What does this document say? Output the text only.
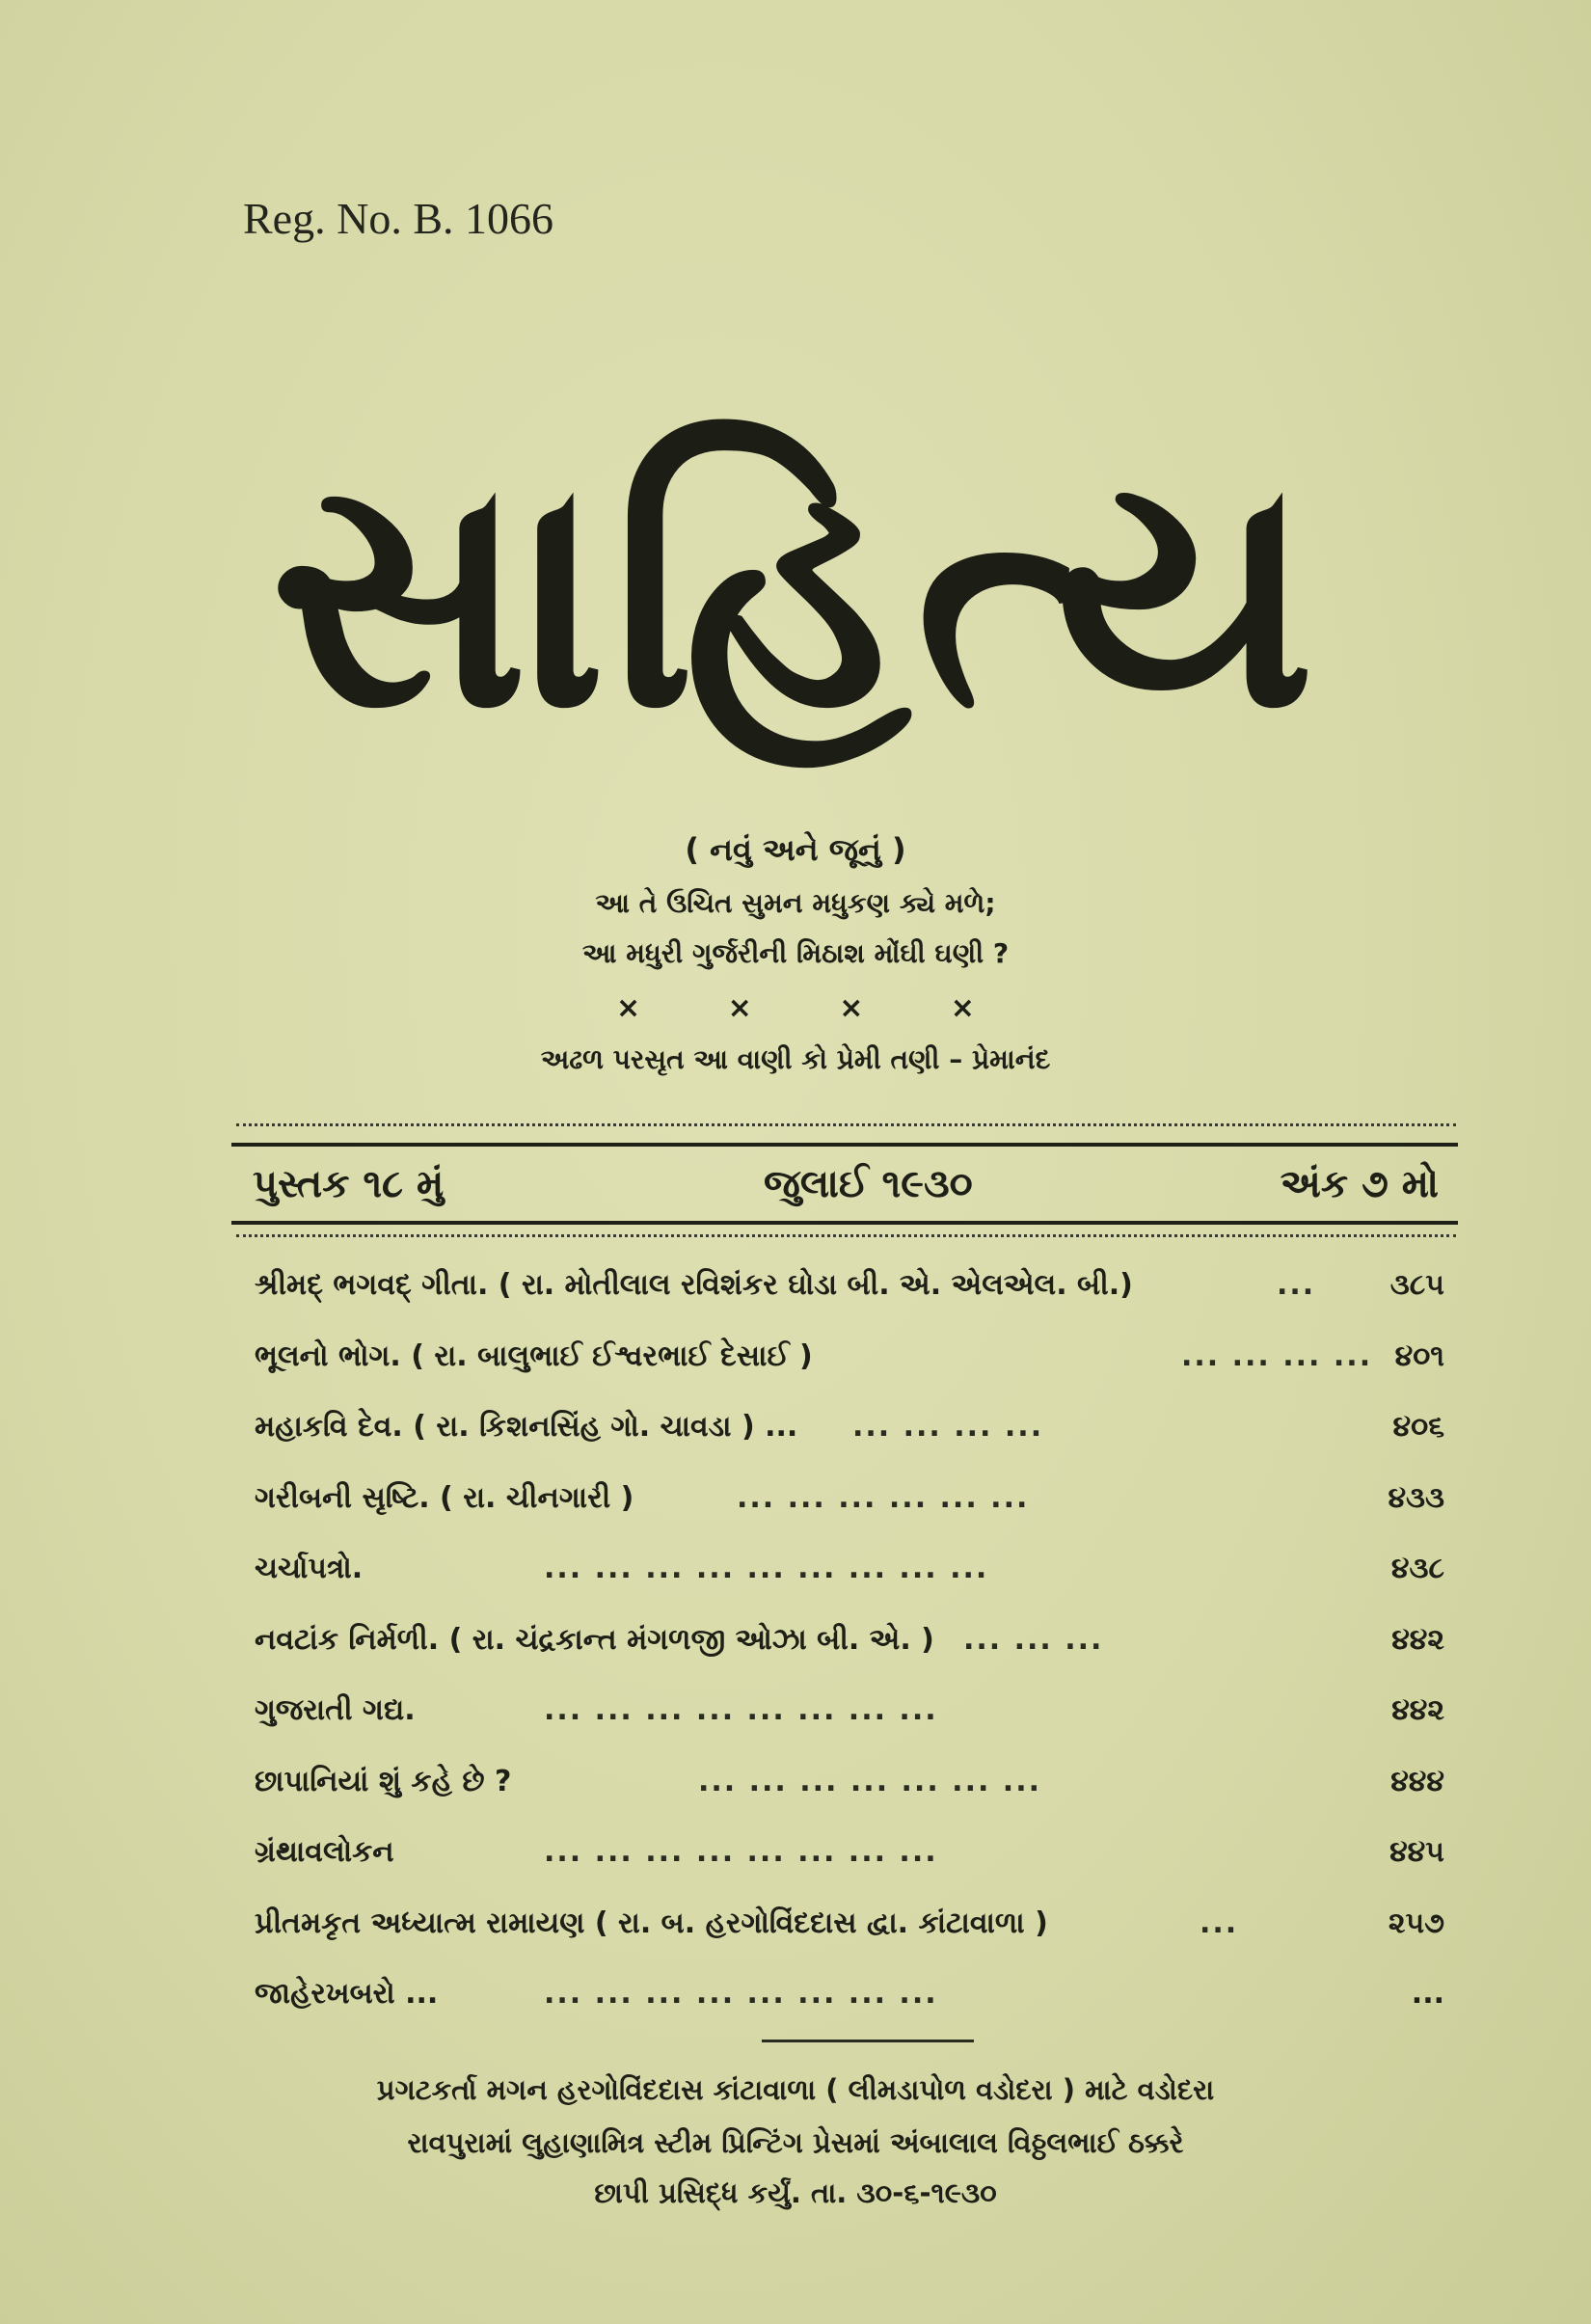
Reg. No. B. 1066
સાહિત્ય
( નવું અને જૂનું )
આ તે ઉચિત સુમન મધુકણ ક્યે મળે;
આ મધુરી ગુર્જરીની મિઠાશ મોંઘી ઘણી ?
× × × ×
અઢળ પરસૃત આ વાણી કો પ્રેમી તણી – પ્રેમાનંદ
પુસ્તક ૧૮ મું	જુલાઈ ૧૯૩૦	અંક ૭ મો
શ્રીમદ્ ભગવદ્ ગીતા. ( રા. મોતીલાલ રવિશંકર ઘોડા બી. એ. એલએલ. બી.)	...	૩૮૫
ભૂલનો ભોગ. ( રા. બાલુભાઈ ઈશ્વરભાઈ દેસાઈ )	... ... ... ... ૪૦૧
મહાકવિ દેવ. ( રા. કિશનસિંહ ગો. ચાવડા ) ... ... ... ... ...	૪૦૬
ગરીબની સૃષ્ટિ. ( રા. ચીનગારી )	... ... ... ... ... ...	૪૩૩
ચર્ચાપત્રો.	... ... ... ... ... ... ... ... ...	૪૩૮
નવટાંક નિર્મળી. ( રા. ચંદ્રકાન્ત મંગળજી ઓઝા બી. એ. ) ... ... ...	૪૪૨
ગુજરાતી ગદ્ય.	... ... ... ... ... ... ... ...	૪૪૨
છાપાનિયાં શું કહે છે ?	... ... ... ... ... ... ...	૪૪૪
ગ્રંથાવલોકન	... ... ... ... ... ... ... ...	૪૪૫
પ્રીતમકૃત અધ્યાત્મ રામાયણ ( રા. બ. હરગોવિંદદાસ દ્વા. કાંટાવાળા )	...	૨૫૭
જાહેરખબરો ...	... ... ... ... ... ... ... ...	...
પ્રગટકર્તા મગન હરગોવિંદદાસ કાંટાવાળા ( લીમડાપોળ વડોદરા ) માટે વડોદરા
રાવપુરામાં લુહાણામિત્ર સ્ટીમ પ્રિન્ટિંગ પ્રેસમાં અંબાલાલ વિઠ્ઠલભાઈ ઠક્કરે
છાપી પ્રસિદ્ધ કર્યું. તા. ૩૦-૬-૧૯૩૦
